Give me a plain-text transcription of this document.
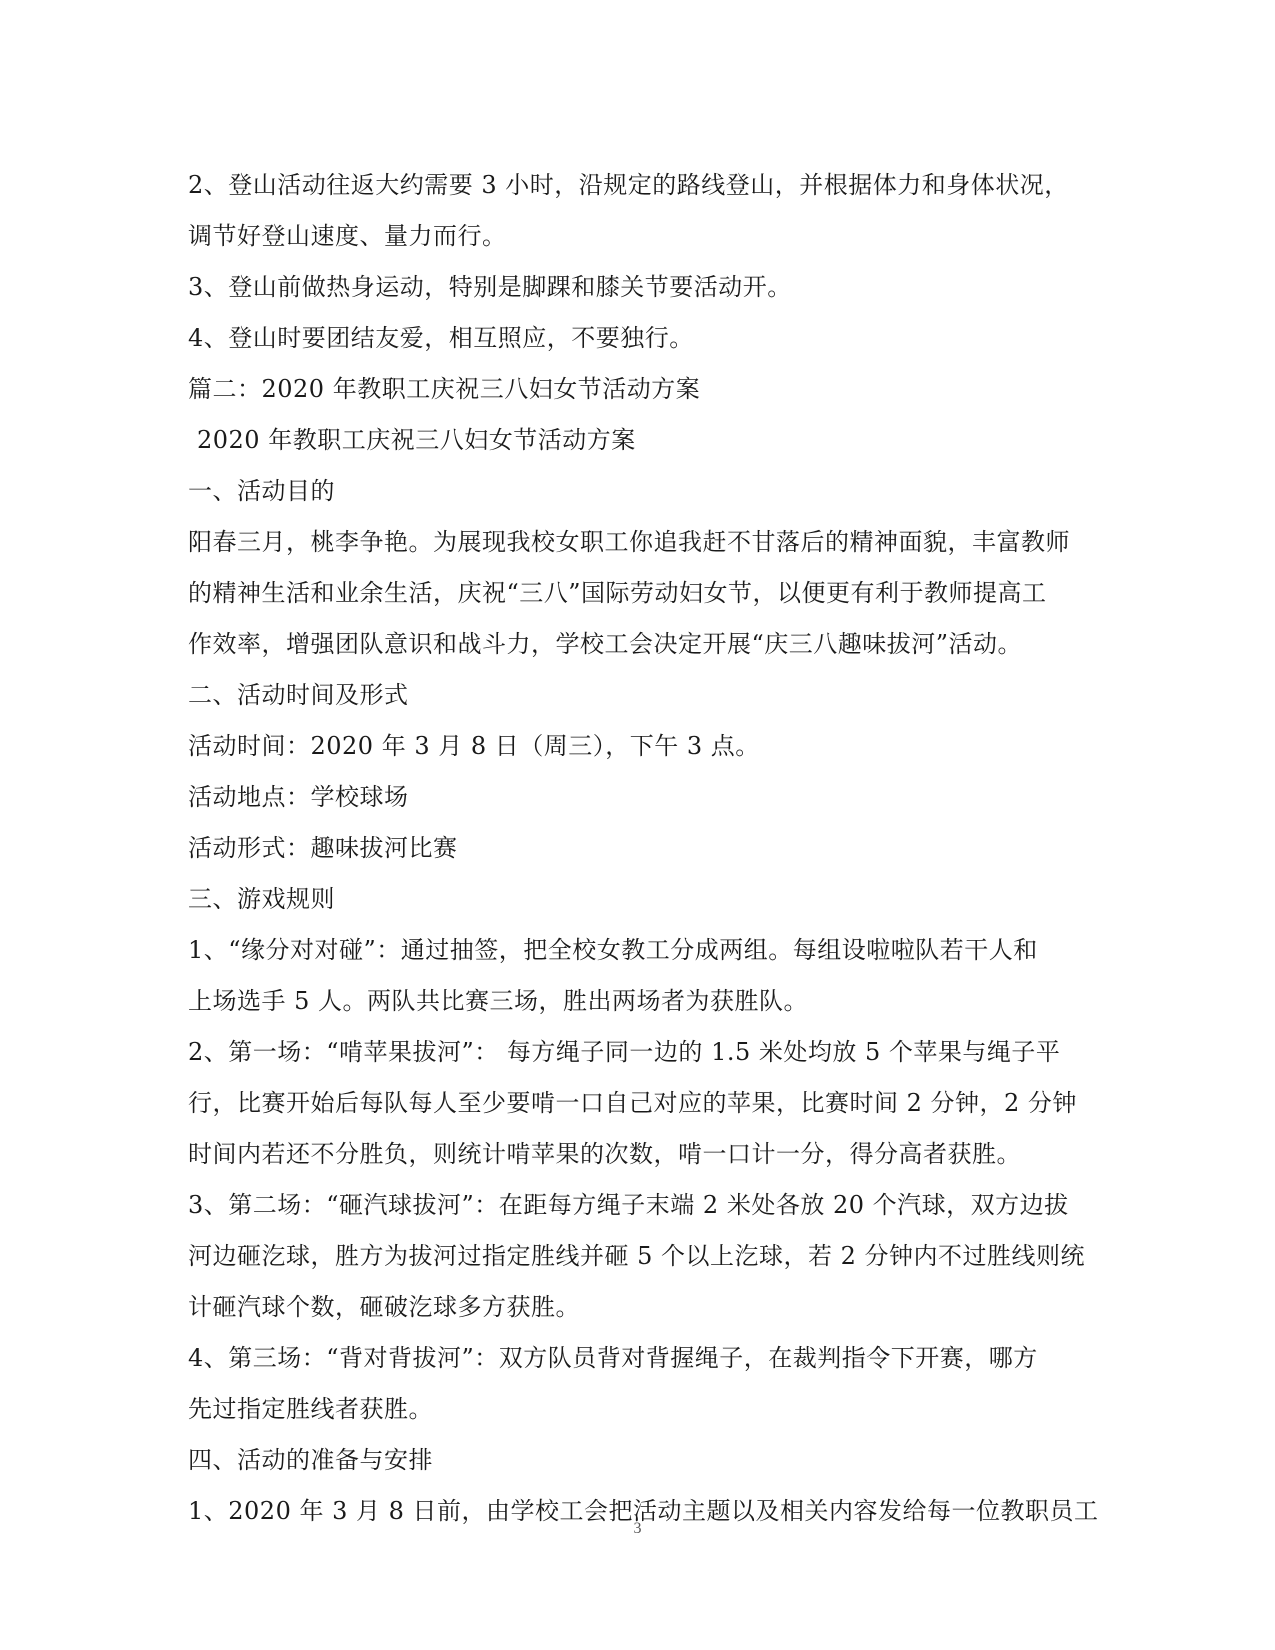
2、登山活动往返大约需要 3 小时，沿规定的路线登山，并根据体力和身体状况，
调节好登山速度、量力而行。
3、登山前做热身运动，特别是脚踝和膝关节要活动开。
4、登山时要团结友爱，相互照应，不要独行。
篇二：2020 年教职工庆祝三八妇女节活动方案
2020 年教职工庆祝三八妇女节活动方案
一、活动目的
阳春三月，桃李争艳。为展现我校女职工你追我赶不甘落后的精神面貌，丰富教师
的精神生活和业余生活，庆祝“三八”国际劳动妇女节，以便更有利于教师提高工
作效率，增强团队意识和战斗力，学校工会决定开展“庆三八趣味拔河”活动。
二、活动时间及形式
活动时间：2020 年 3 月 8 日（周三），下午 3 点。
活动地点：学校球场
活动形式：趣味拔河比赛
三、游戏规则
1、“缘分对对碰”：通过抽签，把全校女教工分成两组。每组设啦啦队若干人和
上场选手 5 人。两队共比赛三场，胜出两场者为获胜队。
2、第一场：“啃苹果拔河”： 每方绳子同一边的 1.5 米处均放 5 个苹果与绳子平
行，比赛开始后每队每人至少要啃一口自己对应的苹果，比赛时间 2 分钟，2 分钟
时间内若还不分胜负，则统计啃苹果的次数，啃一口计一分，得分高者获胜。
3、第二场：“砸汽球拔河”：在距每方绳子末端 2 米处各放 20 个汽球，双方边拔
河边砸汔球，胜方为拔河过指定胜线并砸 5 个以上汔球，若 2 分钟内不过胜线则统
计砸汽球个数，砸破汔球多方获胜。
4、第三场：“背对背拔河”：双方队员背对背握绳子，在裁判指令下开赛，哪方
先过指定胜线者获胜。
四、活动的准备与安排
1、2020 年 3 月 8 日前，由学校工会把活动主题以及相关内容发给每一位教职员工
3
